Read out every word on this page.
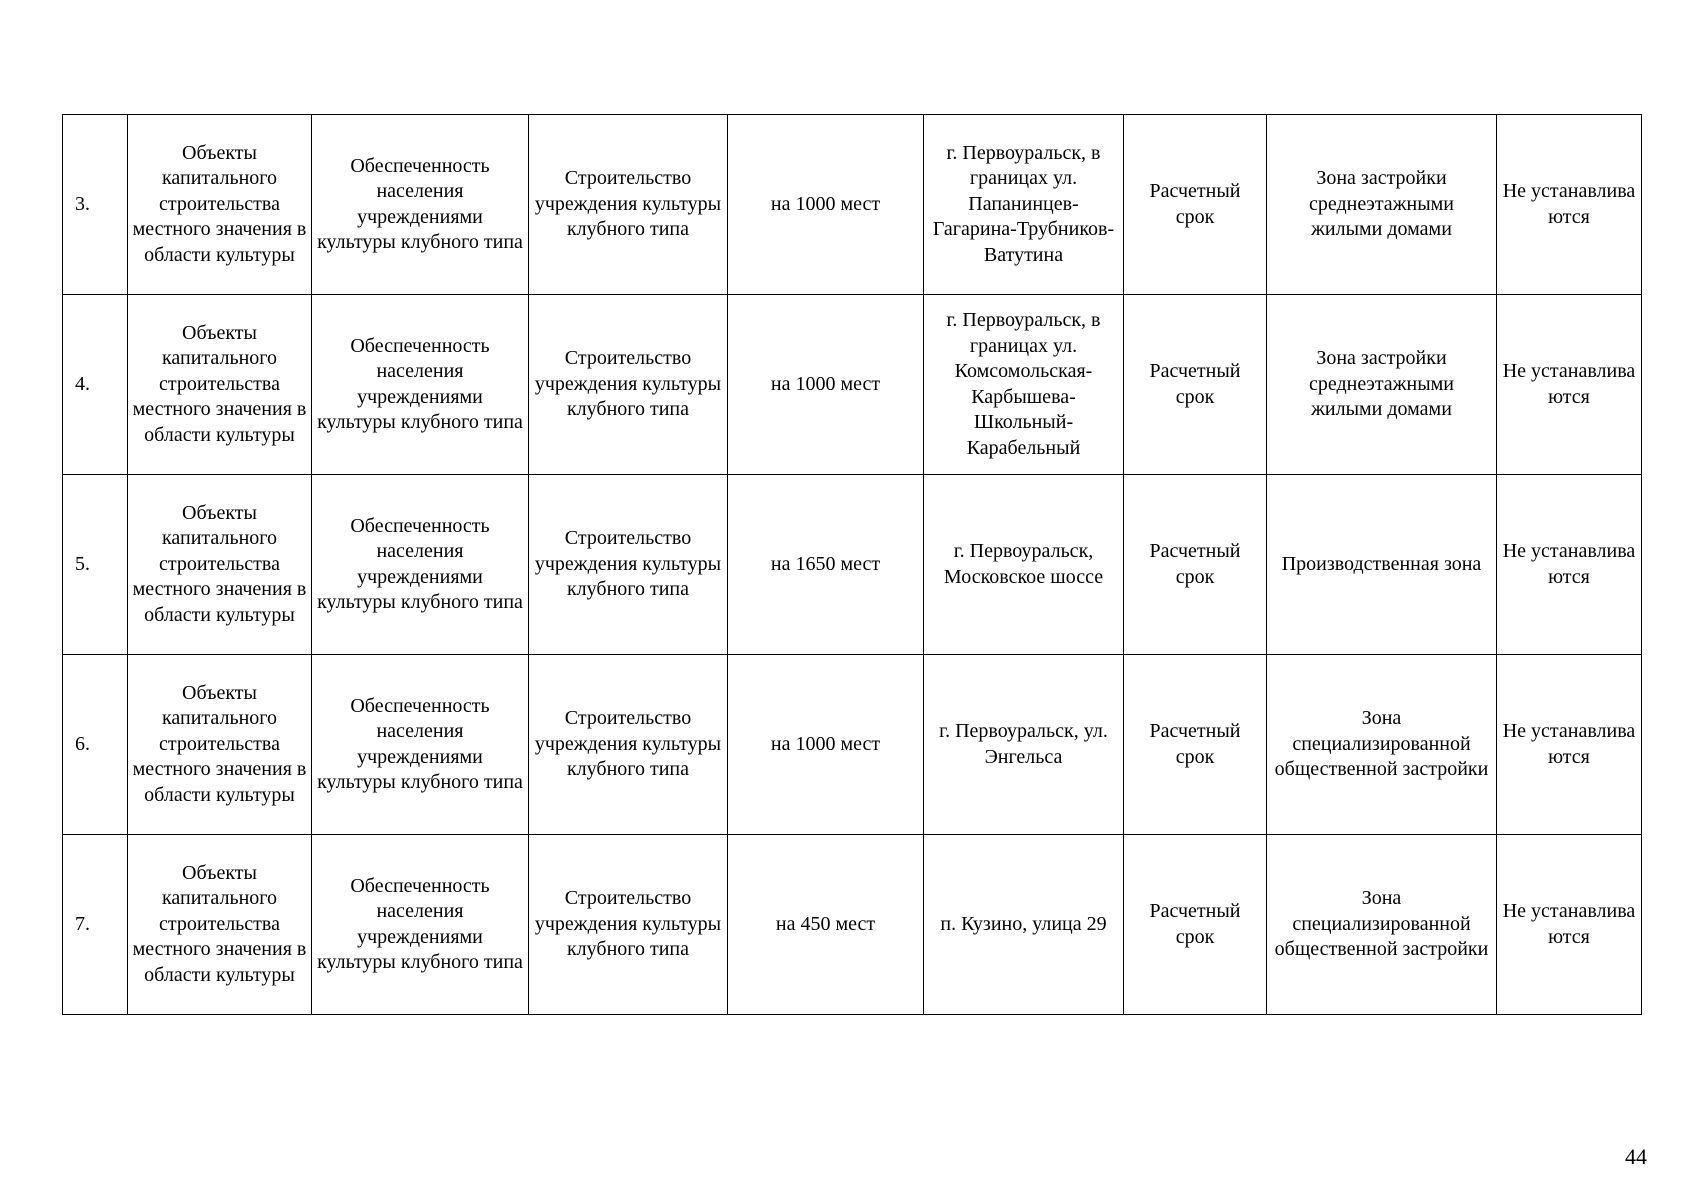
3.	Объекты капитального строительства местного значения в области культуры	Обеспеченность населения учреждениями культуры клубного типа	Строительство учреждения культуры клубного типа	на 1000 мест	г. Первоуральск, в границах ул. Папанинцев-Гагарина-Трубников-Ватутина	Расчетный срок	Зона застройки среднеэтажными жилыми домами	Не устанавлива ются
4.	Объекты капитального строительства местного значения в области культуры	Обеспеченность населения учреждениями культуры клубного типа	Строительство учреждения культуры клубного типа	на 1000 мест	г. Первоуральск, в границах ул. Комсомольская-Карбышева-Школьный-Карабельный	Расчетный срок	Зона застройки среднеэтажными жилыми домами	Не устанавлива ются
5.	Объекты капитального строительства местного значения в области культуры	Обеспеченность населения учреждениями культуры клубного типа	Строительство учреждения культуры клубного типа	на 1650 мест	г. Первоуральск, Московское шоссе	Расчетный срок	Производственная зона	Не устанавлива ются
6.	Объекты капитального строительства местного значения в области культуры	Обеспеченность населения учреждениями культуры клубного типа	Строительство учреждения культуры клубного типа	на 1000 мест	г. Первоуральск, ул. Энгельса	Расчетный срок	Зона специализированной общественной застройки	Не устанавлива ются
7.	Объекты капитального строительства местного значения в области культуры	Обеспеченность населения учреждениями культуры клубного типа	Строительство учреждения культуры клубного типа	на 450 мест	п. Кузино, улица 29	Расчетный срок	Зона специализированной общественной застройки	Не устанавлива ются
44
